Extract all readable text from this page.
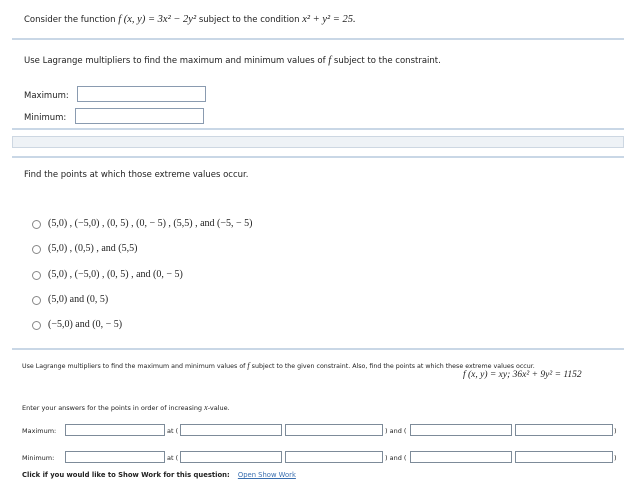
Consider the function f (x, y) = 3x² − 2y² subject to the condition x² + y² = 25.
Use Lagrange multipliers to find the maximum and minimum values of f subject to the constraint.
Maximum:
Minimum:
Find the points at which those extreme values occur.
(5,0) , (−5,0) , (0, 5) , (0, − 5) , (5,5) , and (−5, − 5)
(5,0) , (0,5) , and (5,5)
(5,0) , (−5,0) , (0, 5) , and (0, − 5)
(5,0) and (0, 5)
(−5,0) and (0, − 5)
Use Lagrange multipliers to find the maximum and minimum values of f subject to the given constraint. Also, find the points at which these extreme values occur.
f (x, y) = xy; 36x² + 9y² = 1152
Enter your answers for the points in order of increasing x-value.
Maximum:	at (	) and (	)
Minimum:	at (	) and (	)
Click if you would like to Show Work for this question: Open Show Work
